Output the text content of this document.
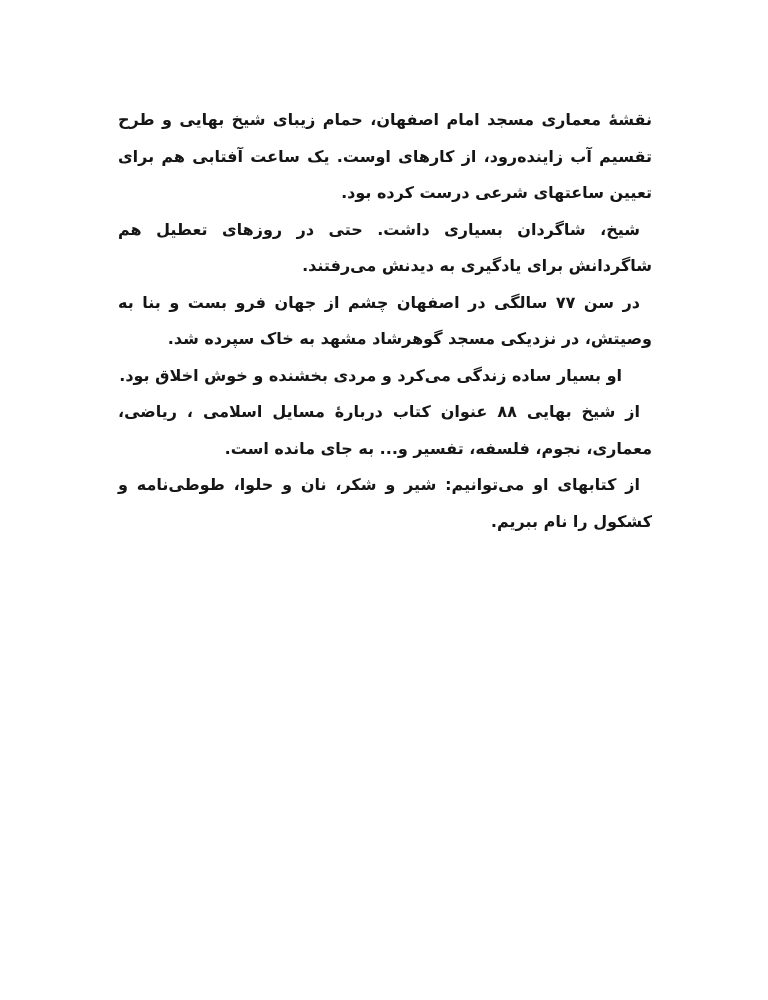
نقشهٔ معماری مسجد امام اصفهان، حمام زیبای شیخ بهایی و طرح تقسیم آب زاینده‌رود، از کارهای اوست. یک ساعت آفتابی هم برای تعیین ساعتهای شرعی درست کرده بود.

شیخ، شاگردان بسیاری داشت. حتی در روزهای تعطیل هم شاگردانش برای یادگیری به دیدنش می‌رفتند.

در سن ۷۷ سالگی در اصفهان چشم از جهان فرو بست و بنا به وصیتش، در نزدیکی مسجد گوهرشاد مشهد به خاک سپرده شد.

او بسیار ساده زندگی می‌کرد و مردی بخشنده و خوش اخلاق بود.

از شیخ بهایی ۸۸ عنوان کتاب دربارهٔ مسایل اسلامی ، ریاضی، معماری، نجوم، فلسفه، تفسیر و... به جای مانده است.

از کتابهای او می‌توانیم: شیر و شکر، نان و حلوا، طوطی‌نامه و کشکول را نام ببریم.
